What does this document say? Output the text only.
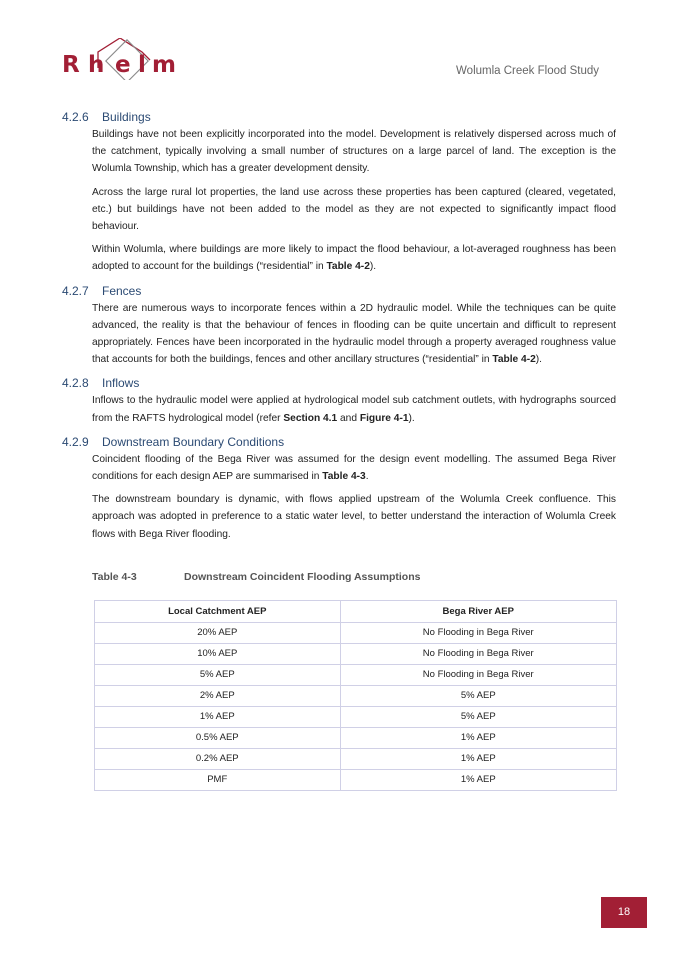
R h e l m	Wolumla Creek Flood Study
4.2.6	Buildings

Buildings have not been explicitly incorporated into the model. Development is relatively dispersed across much of the catchment, typically involving a small number of structures on a large parcel of land. The exception is the Wolumla Township, which has a greater development density.

Across the large rural lot properties, the land use across these properties has been captured (cleared, vegetated, etc.) but buildings have not been added to the model as they are not expected to significantly impact flood behaviour.

Within Wolumla, where buildings are more likely to impact the flood behaviour, a lot-averaged roughness has been adopted to account for the buildings (“residential” in Table 4-2).

4.2.7	Fences

There are numerous ways to incorporate fences within a 2D hydraulic model. While the techniques can be quite advanced, the reality is that the behaviour of fences in flooding can be quite uncertain and difficult to represent appropriately. Fences have been incorporated in the hydraulic model through a property averaged roughness value that accounts for both the buildings, fences and other ancillary structures (“residential” in Table 4-2).

4.2.8	Inflows

Inflows to the hydraulic model were applied at hydrological model sub catchment outlets, with hydrographs sourced from the RAFTS hydrological model (refer Section 4.1 and Figure 4-1).

4.2.9	Downstream Boundary Conditions

Coincident flooding of the Bega River was assumed for the design event modelling. The assumed Bega River conditions for each design AEP are summarised in Table 4-3.

The downstream boundary is dynamic, with flows applied upstream of the Wolumla Creek confluence. This approach was adopted in preference to a static water level, to better understand the interaction of Wolumla Creek flows with Bega River flooding.

Table 4-3	Downstream Coincident Flooding Assumptions
Local Catchment AEP	Bega River AEP
20% AEP	No Flooding in Bega River
10% AEP	No Flooding in Bega River
5% AEP	No Flooding in Bega River
2% AEP	5% AEP
1% AEP	5% AEP
0.5% AEP	1% AEP
0.2% AEP	1% AEP
PMF	1% AEP
18
